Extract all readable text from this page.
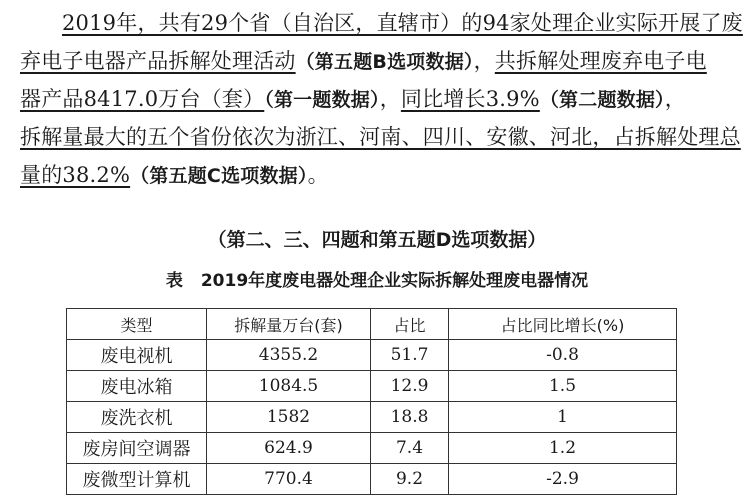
2019年，共有29个省（自治区，直辖市）的94家处理企业实际开展了废
弃电子电器产品拆解处理活动（第五题B选项数据），共拆解处理废弃电子电
器产品8417.0万台（套）（第一题数据），同比增长3.9%（第二题数据），
拆解量最大的五个省份依次为浙江、河南、四川、安徽、河北，占拆解处理总
量的38.2%（第五题C选项数据）。
（第二、三、四题和第五题D选项数据）
表 2019年度废电器处理企业实际拆解处理废电器情况
类型	拆解量万台(套)	占比	占比同比增长(%)
废电视机	4355.2	51.7	-0.8
废电冰箱	1084.5	12.9	1.5
废洗衣机	1582	18.8	1
废房间空调器	624.9	7.4	1.2
废微型计算机	770.4	9.2	-2.9
